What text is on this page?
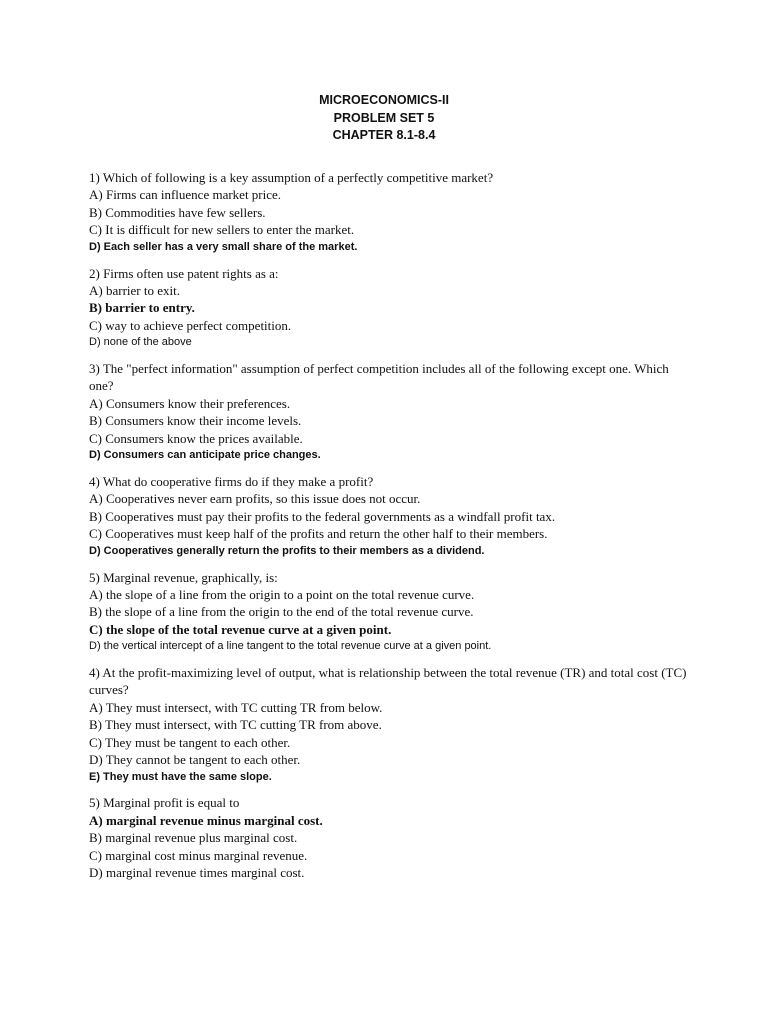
MICROECONOMICS-II
PROBLEM SET 5
CHAPTER 8.1-8.4
1) Which of following is a key assumption of a perfectly competitive market?
A) Firms can influence market price.
B) Commodities have few sellers.
C) It is difficult for new sellers to enter the market.
D) Each seller has a very small share of the market.
2) Firms often use patent rights as a:
A) barrier to exit.
B) barrier to entry.
C) way to achieve perfect competition.
D) none of the above
3) The "perfect information" assumption of perfect competition includes all of the following except one. Which one?
A) Consumers know their preferences.
B) Consumers know their income levels.
C) Consumers know the prices available.
D) Consumers can anticipate price changes.
4) What do cooperative firms do if they make a profit?
A) Cooperatives never earn profits, so this issue does not occur.
B) Cooperatives must pay their profits to the federal governments as a windfall profit tax.
C) Cooperatives must keep half of the profits and return the other half to their members.
D) Cooperatives generally return the profits to their members as a dividend.
5) Marginal revenue, graphically, is:
A) the slope of a line from the origin to a point on the total revenue curve.
B) the slope of a line from the origin to the end of the total revenue curve.
C) the slope of the total revenue curve at a given point.
D) the vertical intercept of a line tangent to the total revenue curve at a given point.
4) At the profit-maximizing level of output, what is relationship between the total revenue (TR) and total cost (TC) curves?
A) They must intersect, with TC cutting TR from below.
B) They must intersect, with TC cutting TR from above.
C) They must be tangent to each other.
D) They cannot be tangent to each other.
E) They must have the same slope.
5) Marginal profit is equal to
A) marginal revenue minus marginal cost.
B) marginal revenue plus marginal cost.
C) marginal cost minus marginal revenue.
D) marginal revenue times marginal cost.
